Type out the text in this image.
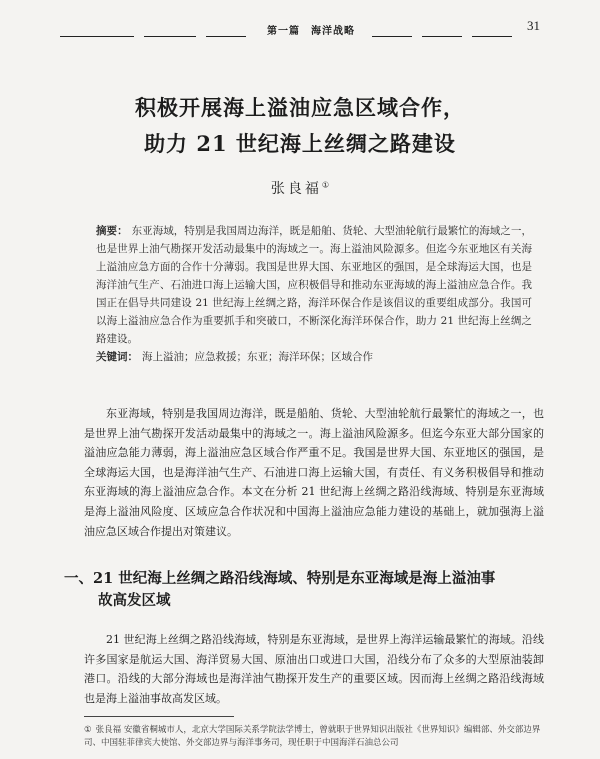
第一篇　海洋战略	31
积极开展海上溢油应急区域合作，
助力 21 世纪海上丝绸之路建设
张良福①
摘要： 东亚海域，特别是我国周边海洋，既是船舶、货轮、大型油轮航行最繁忙的海域之一，也是世界上油气勘探开发活动最集中的海域之一。海上溢油风险源多。但迄今东亚地区有关海上溢油应急方面的合作十分薄弱。我国是世界大国、东亚地区的强国，是全球海运大国，也是海洋油气生产、石油进口海上运输大国，应积极倡导和推动东亚海域的海上溢油应急合作。我国正在倡导共同建设 21 世纪海上丝绸之路，海洋环保合作是该倡议的重要组成部分。我国可以海上溢油应急合作为重要抓手和突破口，不断深化海洋环保合作，助力 21 世纪海上丝绸之路建设。
关键词： 海上溢油；应急救援；东亚；海洋环保；区域合作

东亚海域，特别是我国周边海洋，既是船舶、货轮、大型油轮航行最繁忙的海域之一，也是世界上油气勘探开发活动最集中的海域之一。海上溢油风险源多。但迄今东亚大部分国家的溢油应急能力薄弱，海上溢油应急区域合作严重不足。我国是世界大国、东亚地区的强国，是全球海运大国，也是海洋油气生产、石油进口海上运输大国，有责任、有义务积极倡导和推动东亚海域的海上溢油应急合作。本文在分析 21 世纪海上丝绸之路沿线海域、特别是东亚海域是海上溢油风险度、区域应急合作状况和中国海上溢油应急能力建设的基础上，就加强海上溢油应急区域合作提出对策建议。

一、21 世纪海上丝绸之路沿线海域、特别是东亚海域是海上溢油事
故高发区域

21 世纪海上丝绸之路沿线海域，特别是东亚海域，是世界上海洋运输最繁忙的海域。沿线许多国家是航运大国、海洋贸易大国、原油出口或进口大国，沿线分布了众多的大型原油装卸港口。沿线的大部分海域也是海洋油气勘探开发生产的重要区域。因而海上丝绸之路沿线海域也是海上溢油事故高发区域。

① 张良福 安徽省桐城市人，北京大学国际关系学院法学博士，曾就职于世界知识出版社《世界知识》编辑部、外交部边界司、中国驻菲律宾大使馆、外交部边界与海洋事务司，现任职于中国海洋石油总公司
